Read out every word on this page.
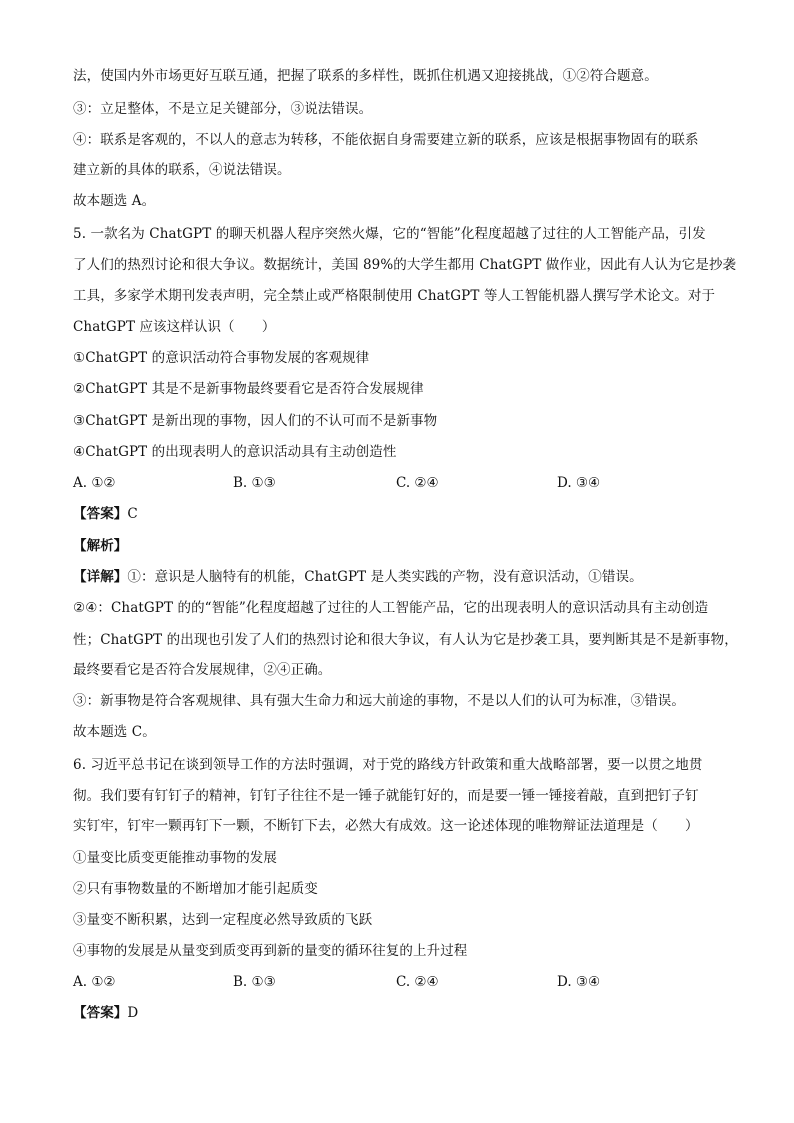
法，使国内外市场更好互联互通，把握了联系的多样性，既抓住机遇又迎接挑战，①②符合题意。
③：立足整体，不是立足关键部分，③说法错误。
④：联系是客观的，不以人的意志为转移，不能依据自身需要建立新的联系，应该是根据事物固有的联系
建立新的具体的联系，④说法错误。
故本题选 A。
5. 一款名为 ChatGPT 的聊天机器人程序突然火爆，它的“智能”化程度超越了过往的人工智能产品，引发
了人们的热烈讨论和很大争议。数据统计，美国 89%的大学生都用 ChatGPT 做作业，因此有人认为它是抄袭
工具，多家学术期刊发表声明，完全禁止或严格限制使用 ChatGPT 等人工智能机器人撰写学术论文。对于
ChatGPT 应该这样认识（　　）
①ChatGPT 的意识活动符合事物发展的客观规律
②ChatGPT 其是不是新事物最终要看它是否符合发展规律
③ChatGPT 是新出现的事物，因人们的不认可而不是新事物
④ChatGPT 的出现表明人的意识活动具有主动创造性
A. ①②	B. ①③	C. ②④	D. ③④
【答案】C
【解析】
【详解】①：意识是人脑特有的机能，ChatGPT 是人类实践的产物，没有意识活动，①错误。
②④：ChatGPT 的的“智能”化程度超越了过往的人工智能产品，它的出现表明人的意识活动具有主动创造
性；ChatGPT 的出现也引发了人们的热烈讨论和很大争议，有人认为它是抄袭工具，要判断其是不是新事物，
最终要看它是否符合发展规律，②④正确。
③：新事物是符合客观规律、具有强大生命力和远大前途的事物，不是以人们的认可为标准，③错误。
故本题选 C。
6. 习近平总书记在谈到领导工作的方法时强调，对于党的路线方针政策和重大战略部署，要一以贯之地贯
彻。我们要有钉钉子的精神，钉钉子往往不是一锤子就能钉好的，而是要一锤一锤接着敲，直到把钉子钉
实钉牢，钉牢一颗再钉下一颗，不断钉下去，必然大有成效。这一论述体现的唯物辩证法道理是（　　）
①量变比质变更能推动事物的发展
②只有事物数量的不断增加才能引起质变
③量变不断积累，达到一定程度必然导致质的飞跃
④事物的发展是从量变到质变再到新的量变的循环往复的上升过程
A. ①②	B. ①③	C. ②④	D. ③④
【答案】D
